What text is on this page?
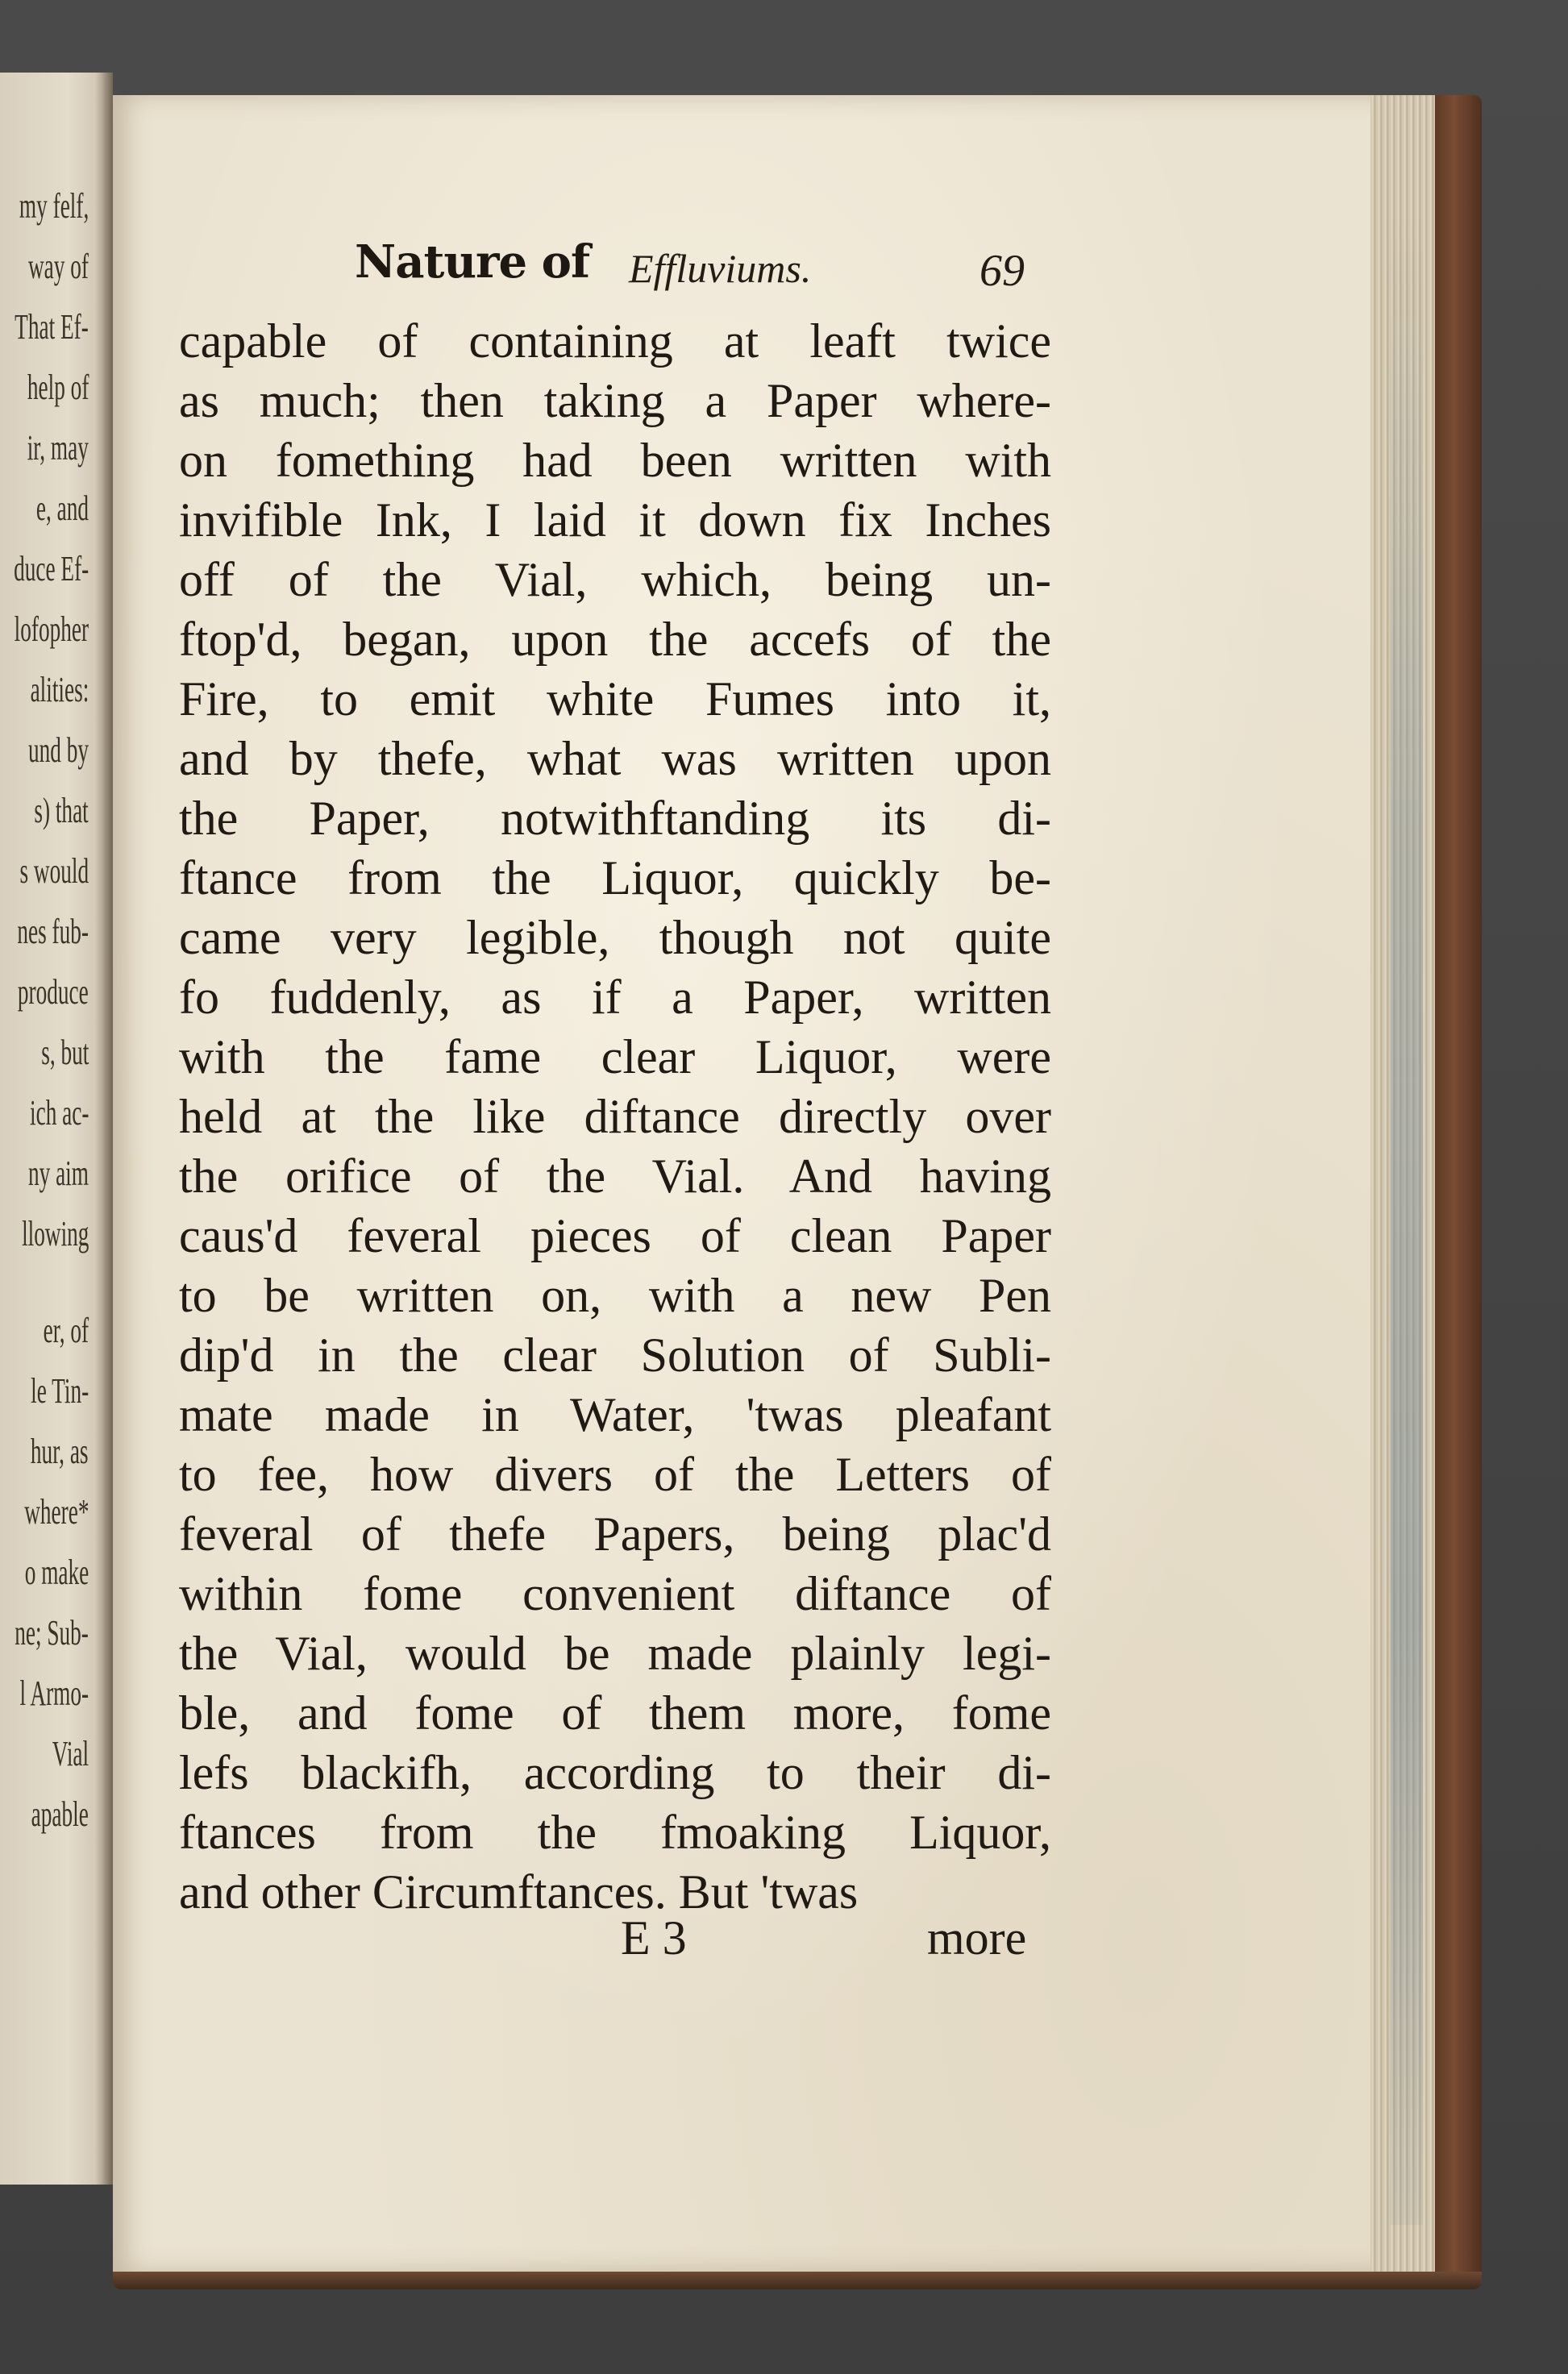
my felf,
way of
That Ef-
help of
ir, may
e, and
duce Ef-
lofopher
alities:
und by
s) that
s would
nes fub-
produce
s, but
ich ac-
ny aim
llowing
er, of
le Tin-
hur, as
where*
o make
ne; Sub-
l Armo-
Vial
apable
Nature of Effluviums.	69
capable of containing at leaft twice
as much; then taking a Paper where-
on fomething had been written with
invifible Ink, I laid it down fix Inches
off of the Vial, which, being un-
ftop'd, began, upon the accefs of the
Fire, to emit white Fumes into it,
and by thefe, what was written upon
the Paper, notwithftanding its di-
ftance from the Liquor, quickly be-
came very legible, though not quite
fo fuddenly, as if a Paper, written
with the fame clear Liquor, were
held at the like diftance directly over
the orifice of the Vial. And having
caus'd feveral pieces of clean Paper
to be written on, with a new Pen
dip'd in the clear Solution of Subli-
mate made in Water, 'twas pleafant
to fee, how divers of the Letters of
feveral of thefe Papers, being plac'd
within fome convenient diftance of
the Vial, would be made plainly legi-
ble, and fome of them more, fome
lefs blackifh, according to their di-
ftances from the fmoaking Liquor,
and other Circumftances. But 'twas
E 3	more
